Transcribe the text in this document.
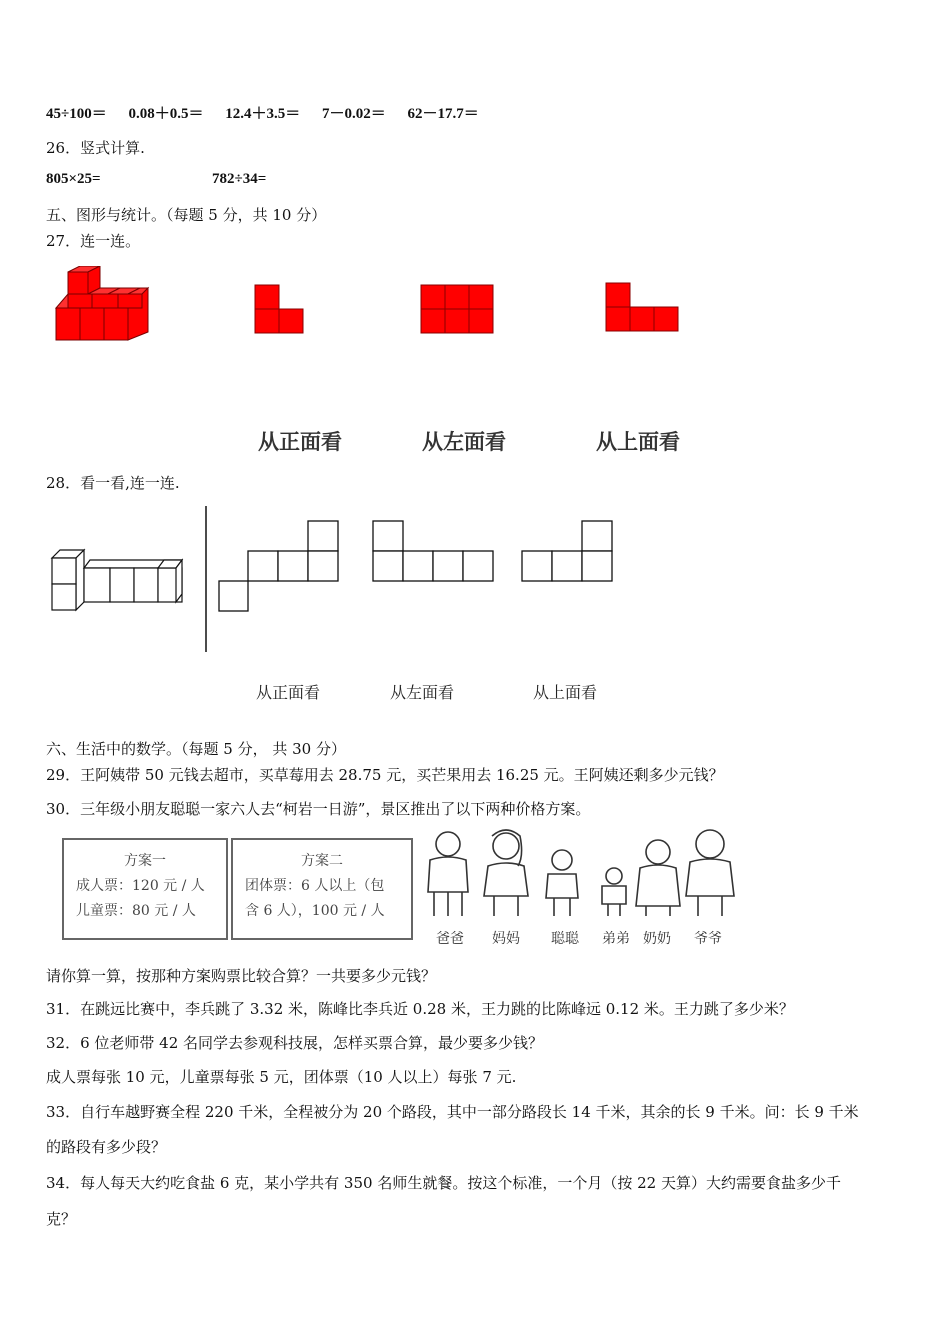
45÷100＝ 0.08＋0.5＝ 12.4＋3.5＝ 7－0.02＝ 62－17.7＝
26．竖式计算.
805×25=	782÷34=
五、图形与统计。（每题 5 分，共 10 分）
27．连一连。
从正面看	从左面看	从上面看
28．看一看,连一连.
从正面看	从左面看	从上面看
六、生活中的数学。（每题 5 分， 共 30 分）
29．王阿姨带 50 元钱去超市，买草莓用去 28.75 元，买芒果用去 16.25 元。王阿姨还剩多少元钱？
30．三年级小朋友聪聪一家六人去“柯岩一日游”，景区推出了以下两种价格方案。
方案一
成人票：120 元 / 人
儿童票：80 元 / 人
方案二
团体票：6 人以上（包
含 6 人），100 元 / 人
爸爸 妈妈 聪聪 弟弟 奶奶 爷爷
请你算一算，按那种方案购票比较合算？一共要多少元钱？
31．在跳远比赛中，李兵跳了 3.32 米，陈峰比李兵近 0.28 米，王力跳的比陈峰远 0.12 米。王力跳了多少米？
32．6 位老师带 42 名同学去参观科技展，怎样买票合算，最少要多少钱？
成人票每张 10 元，儿童票每张 5 元，团体票（10 人以上）每张 7 元.
33．自行车越野赛全程 220 千米，全程被分为 20 个路段，其中一部分路段长 14 千米，其余的长 9 千米。问：长 9 千米
的路段有多少段？
34．每人每天大约吃食盐 6 克，某小学共有 350 名师生就餐。按这个标准，一个月（按 22 天算）大约需要食盐多少千
克？
